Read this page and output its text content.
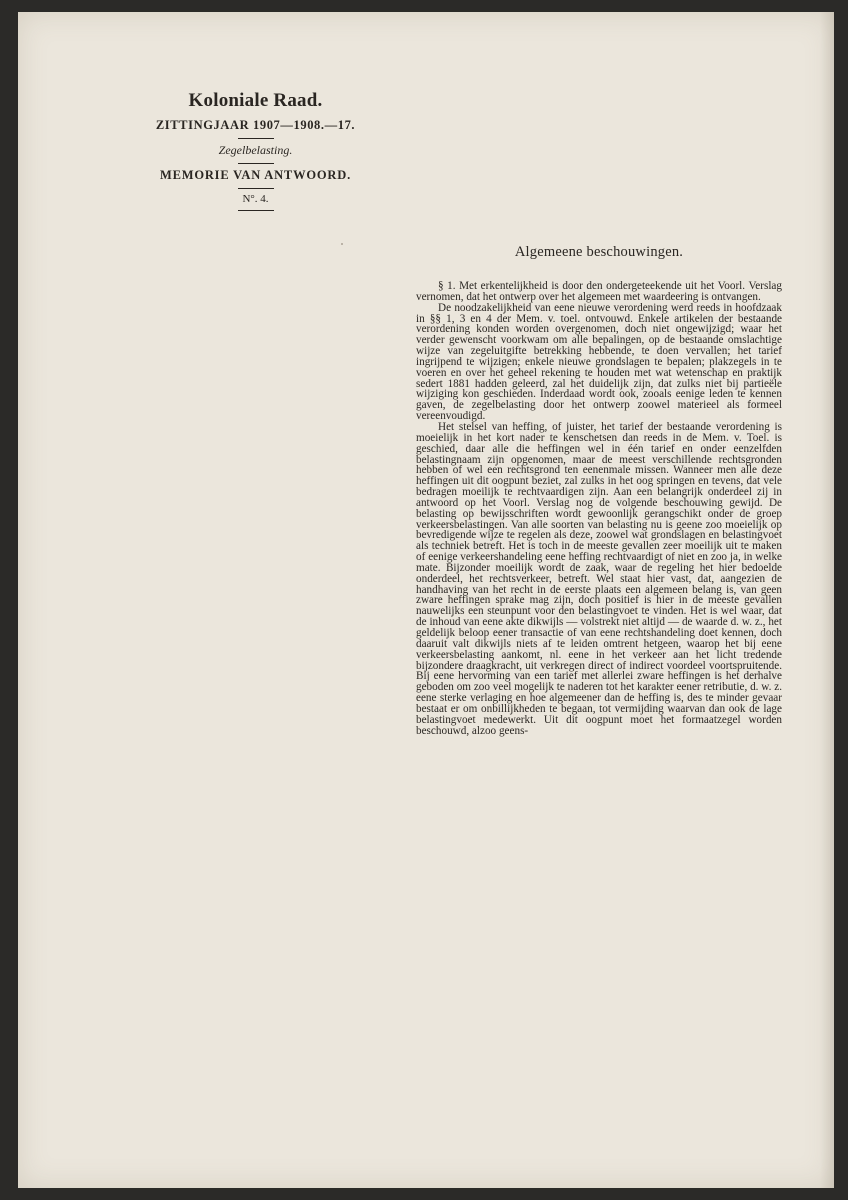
Koloniale Raad.

ZITTINGJAAR 1907—1908.—17.

Zegelbelasting.

MEMORIE VAN ANTWOORD.

N°. 4.

Algemeene beschouwingen.

§ 1. Met erkentelijkheid is door den ondergeteekende uit het Voorl. Verslag vernomen, dat het ontwerp over het algemeen met waardeering is ontvangen.

De noodzakelijkheid van eene nieuwe verordening werd reeds in hoofdzaak in §§ 1, 3 en 4 der Mem. v. toel. ontvouwd. Enkele artikelen der bestaande verordening konden worden overgenomen, doch niet ongewijzigd; waar het verder gewenscht voorkwam om alle bepalingen, op de bestaande omslachtige wijze van zegeluitgifte betrekking hebbende, te doen vervallen; het tarief ingrijpend te wijzigen; enkele nieuwe grondslagen te bepalen; plakzegels in te voeren en over het geheel rekening te houden met wat wetenschap en praktijk sedert 1881 hadden geleerd, zal het duidelijk zijn, dat zulks niet bij partieële wijziging kon geschieden. Inderdaad wordt ook, zooals eenige leden te kennen gaven, de zegelbelasting door het ontwerp zoowel materieel als formeel vereenvoudigd.

Het stelsel van heffing, of juister, het tarief der bestaande verordening is moeielijk in het kort nader te kenschetsen dan reeds in de Mem. v. Toel. is geschied, daar alle die heffingen wel in één tarief en onder eenzelfden belastingnaam zijn opgenomen, maar de meest verschillende rechtsgronden hebben of wel een rechtsgrond ten eenenmale missen. Wanneer men alle deze heffingen uit dit oogpunt beziet, zal zulks in het oog springen en tevens, dat vele bedragen moeilijk te rechtvaardigen zijn. Aan een belangrijk onderdeel zij in antwoord op het Voorl. Verslag nog de volgende beschouwing gewijd. De belasting op bewijsschriften wordt gewoonlijk gerangschikt onder de groep verkeersbelastingen. Van alle soorten van belasting nu is geene zoo moeielijk op bevredigende wijze te regelen als deze, zoowel wat grondslagen en belastingvoet als techniek betreft. Het is toch in de meeste gevallen zeer moeilijk uit te maken of eenige verkeershandeling eene heffing rechtvaardigt of niet en zoo ja, in welke mate. Bijzonder moeilijk wordt de zaak, waar de regeling het hier bedoelde onderdeel, het rechtsverkeer, betreft. Wel staat hier vast, dat, aangezien de handhaving van het recht in de eerste plaats een algemeen belang is, van geen zware heffingen sprake mag zijn, doch positief is hier in de meeste gevallen nauwelijks een steunpunt voor den belastingvoet te vinden. Het is wel waar, dat de inhoud van eene akte dikwijls — volstrekt niet altijd — de waarde d. w. z., het geldelijk beloop eener transactie of van eene rechtshandeling doet kennen, doch daaruit valt dikwijls niets af te leiden omtrent hetgeen, waarop het bij eene verkeersbelasting aankomt, nl. eene in het verkeer aan het licht tredende bijzondere draagkracht, uit verkregen direct of indirect voordeel voortspruitende. Bij eene hervorming van een tarief met allerlei zware heffingen is het derhalve geboden om zoo veel mogelijk te naderen tot het karakter eener retributie, d. w. z. eene sterke verlaging en hoe algemeener dan de heffing is, des te minder gevaar bestaat er om onbillijkheden te begaan, tot vermijding waarvan dan ook de lage belastingvoet medewerkt. Uit dit oogpunt moet het formaatzegel worden beschouwd, alzoo geens-
